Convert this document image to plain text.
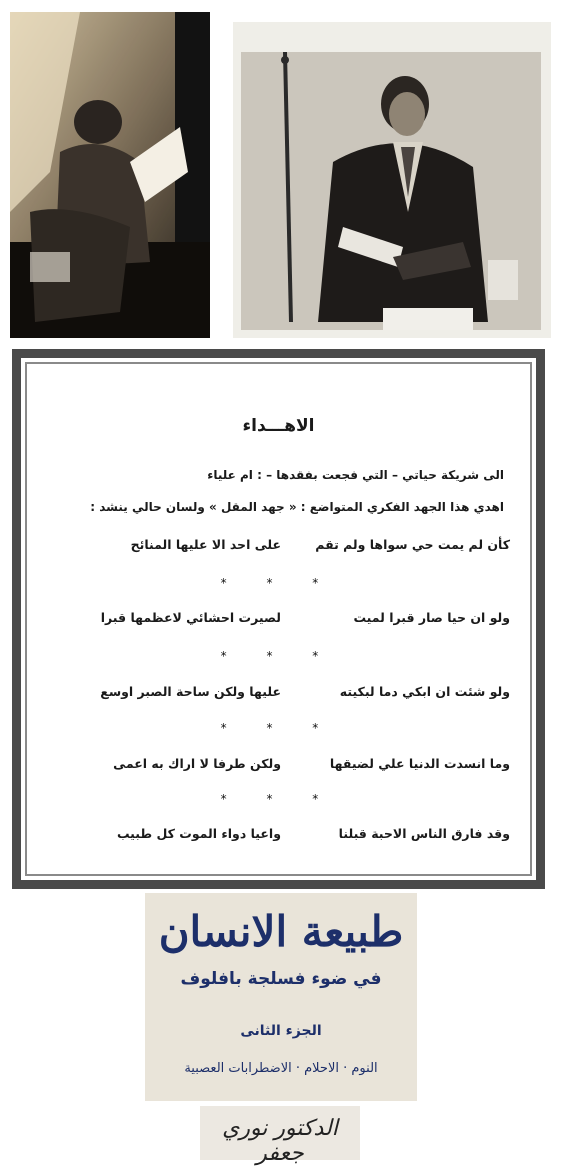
الاهـــداء
الى شريكة حياتي – التي فجعت بفقدها – : ام علياء
اهدي هذا الجهد الفكري المتواضع : « جهد المقل » ولسان حالي ينشد :
كأن لم يمت حي سواها ولم تقم
على احد الا عليها المنائح
* * *
ولو ان حيا صار قبرا لميت
لصيرت احشائي لاعظمها قبرا
* * *
ولو شئت ان ابكي دما لبكيته
عليها ولكن ساحة الصبر اوسع
* * *
وما انسدت الدنيا علي لضيقها
ولكن طرفا لا اراك به اعمى
* * *
وقد فارق الناس الاحبة قبلنا
واعيا دواء الموت كل طبيب
طبيعة الانسان
في ضوء فسلجة بافلوف
الجزء الثانى
النوم · الاحلام · الاضطرابات العصبية
الدكتور نوري جعفر
